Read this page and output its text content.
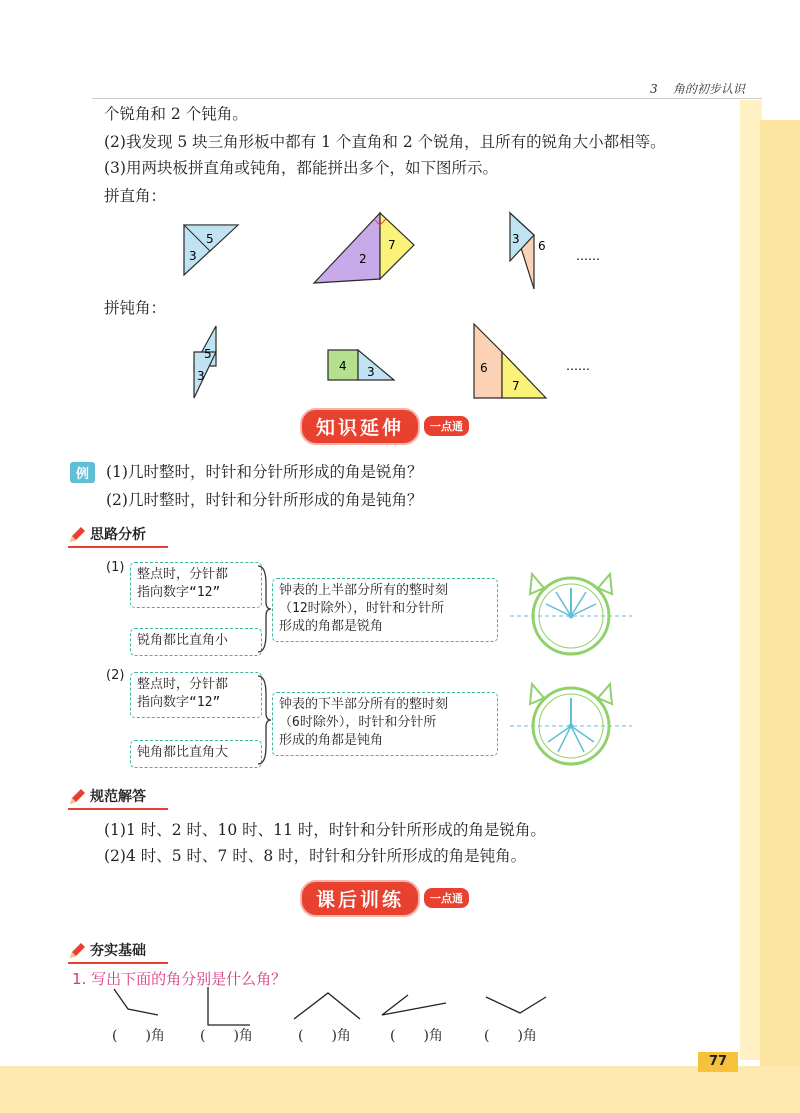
3 角的初步认识
个锐角和 2 个钝角。
(2)我发现 5 块三角形板中都有 1 个直角和 2 个锐角，且所有的锐角大小都相等。
(3)用两块板拼直角或钝角，都能拼出多个，如下图所示。
拼直角：
5
3	2
7	3 6
……
拼钝角：
5
3
4 3	6
7
……
知识延伸	一点通
例	(1)几时整时，时针和分针所形成的角是锐角？
(2)几时整时，时针和分针所形成的角是钝角？
思路分析
(1) 整点时，分针都
指向数字“12”
锐角都比直角小
钟表的上半部分所有的整时刻
（12时除外），时针和分针所
形成的角都是锐角
(2)
整点时，分针都
指向数字“12”
钝角都比直角大
钟表的下半部分所有的整时刻
（6时除外），时针和分针所
形成的角都是钝角
规范解答
(1)1 时、2 时、10 时、11 时，时针和分针所形成的角是锐角。
(2)4 时、5 时、7 时、8 时，时针和分针所形成的角是钝角。
课后训练	一点通
夯实基础
1. 写出下面的角分别是什么角？
(　　)角	(　　)角	(　　)角	(　　)角	(　　)角
77
